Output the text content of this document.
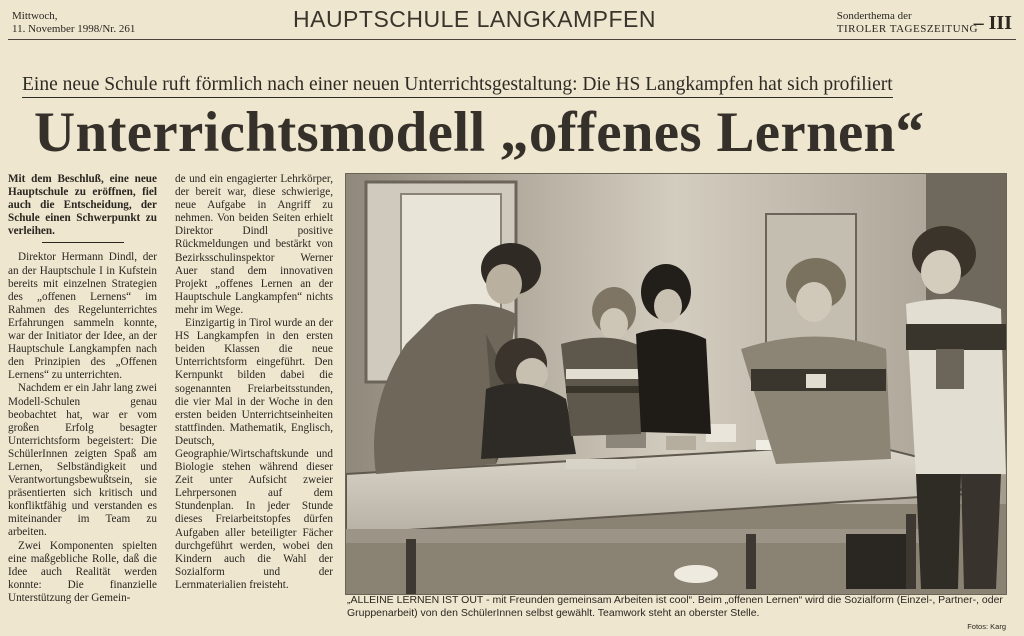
Mittwoch,
11. November 1998/Nr. 261	HAUPTSCHULE LANGKAMPFEN	Sonderthema der
TIROLER TAGESZEITUNG
– III
Eine neue Schule ruft förmlich nach einer neuen Unterrichtsgestaltung: Die HS Langkampfen hat sich profiliert
Unterrichtsmodell „offenes Lernen“

Mit dem Beschluß, eine neue Hauptschule zu eröffnen, fiel auch die Entscheidung, der Schule einen Schwerpunkt zu verleihen.

Direktor Hermann Dindl, der an der Hauptschule I in Kufstein bereits mit einzelnen Strategien des „offenen Lernens“ im Rahmen des Regelunterrichtes Erfahrungen sammeln konnte, war der Initiator der Idee, an der Hauptschule Langkampfen nach den Prinzipien des „Offenen Lernens“ zu unterrichten.

Nachdem er ein Jahr lang zwei Modell-Schulen genau beobachtet hat, war er vom großen Erfolg besagter Unterrichtsform begeistert: Die SchülerInnen zeigten Spaß am Lernen, Selbständigkeit und Verantwortungsbewußtsein, sie präsentierten sich kritisch und konfliktfähig und verstanden es miteinander im Team zu arbeiten.

Zwei Komponenten spielten eine maßgebliche Rolle, daß die Idee auch Realität werden konnte: Die finanzielle Unterstützung der Gemein-

de und ein engagierter Lehrkörper, der bereit war, diese schwierige, neue Aufgabe in Angriff zu nehmen. Von beiden Seiten erhielt Direktor Dindl positive Rückmeldungen und bestärkt von Bezirksschulinspektor Werner Auer stand dem innovativen Projekt „offenes Lernen an der Hauptschule Langkampfen“ nichts mehr im Wege.

Einzigartig in Tirol wurde an der HS Langkampfen in den ersten beiden Klassen die neue Unterrichtsform eingeführt. Den Kernpunkt bilden dabei die sogenannten Freiarbeitsstunden, die vier Mal in der Woche in den ersten beiden Unterrichtseinheiten stattfinden. Mathematik, Englisch, Deutsch, Geographie/Wirtschaftskunde und Biologie stehen während dieser Zeit unter Aufsicht zweier Lehrpersonen auf dem Stundenplan. In jeder Stunde dieses Freiarbeitstopfes dürfen Aufgaben aller beteiligter Fächer durchgeführt werden, wobei den Kindern auch die Wahl der Sozialform und der Lernmaterialien freisteht.

„ALLEINE LERNEN IST OUT - mit Freunden gemeinsam Arbeiten ist cool“. Beim „offenen Lernen“ wird die Sozialform (Einzel-, Partner-, oder Gruppenarbeit) von den SchülerInnen selbst gewählt. Teamwork steht an oberster Stelle.
Fotos: Karg
